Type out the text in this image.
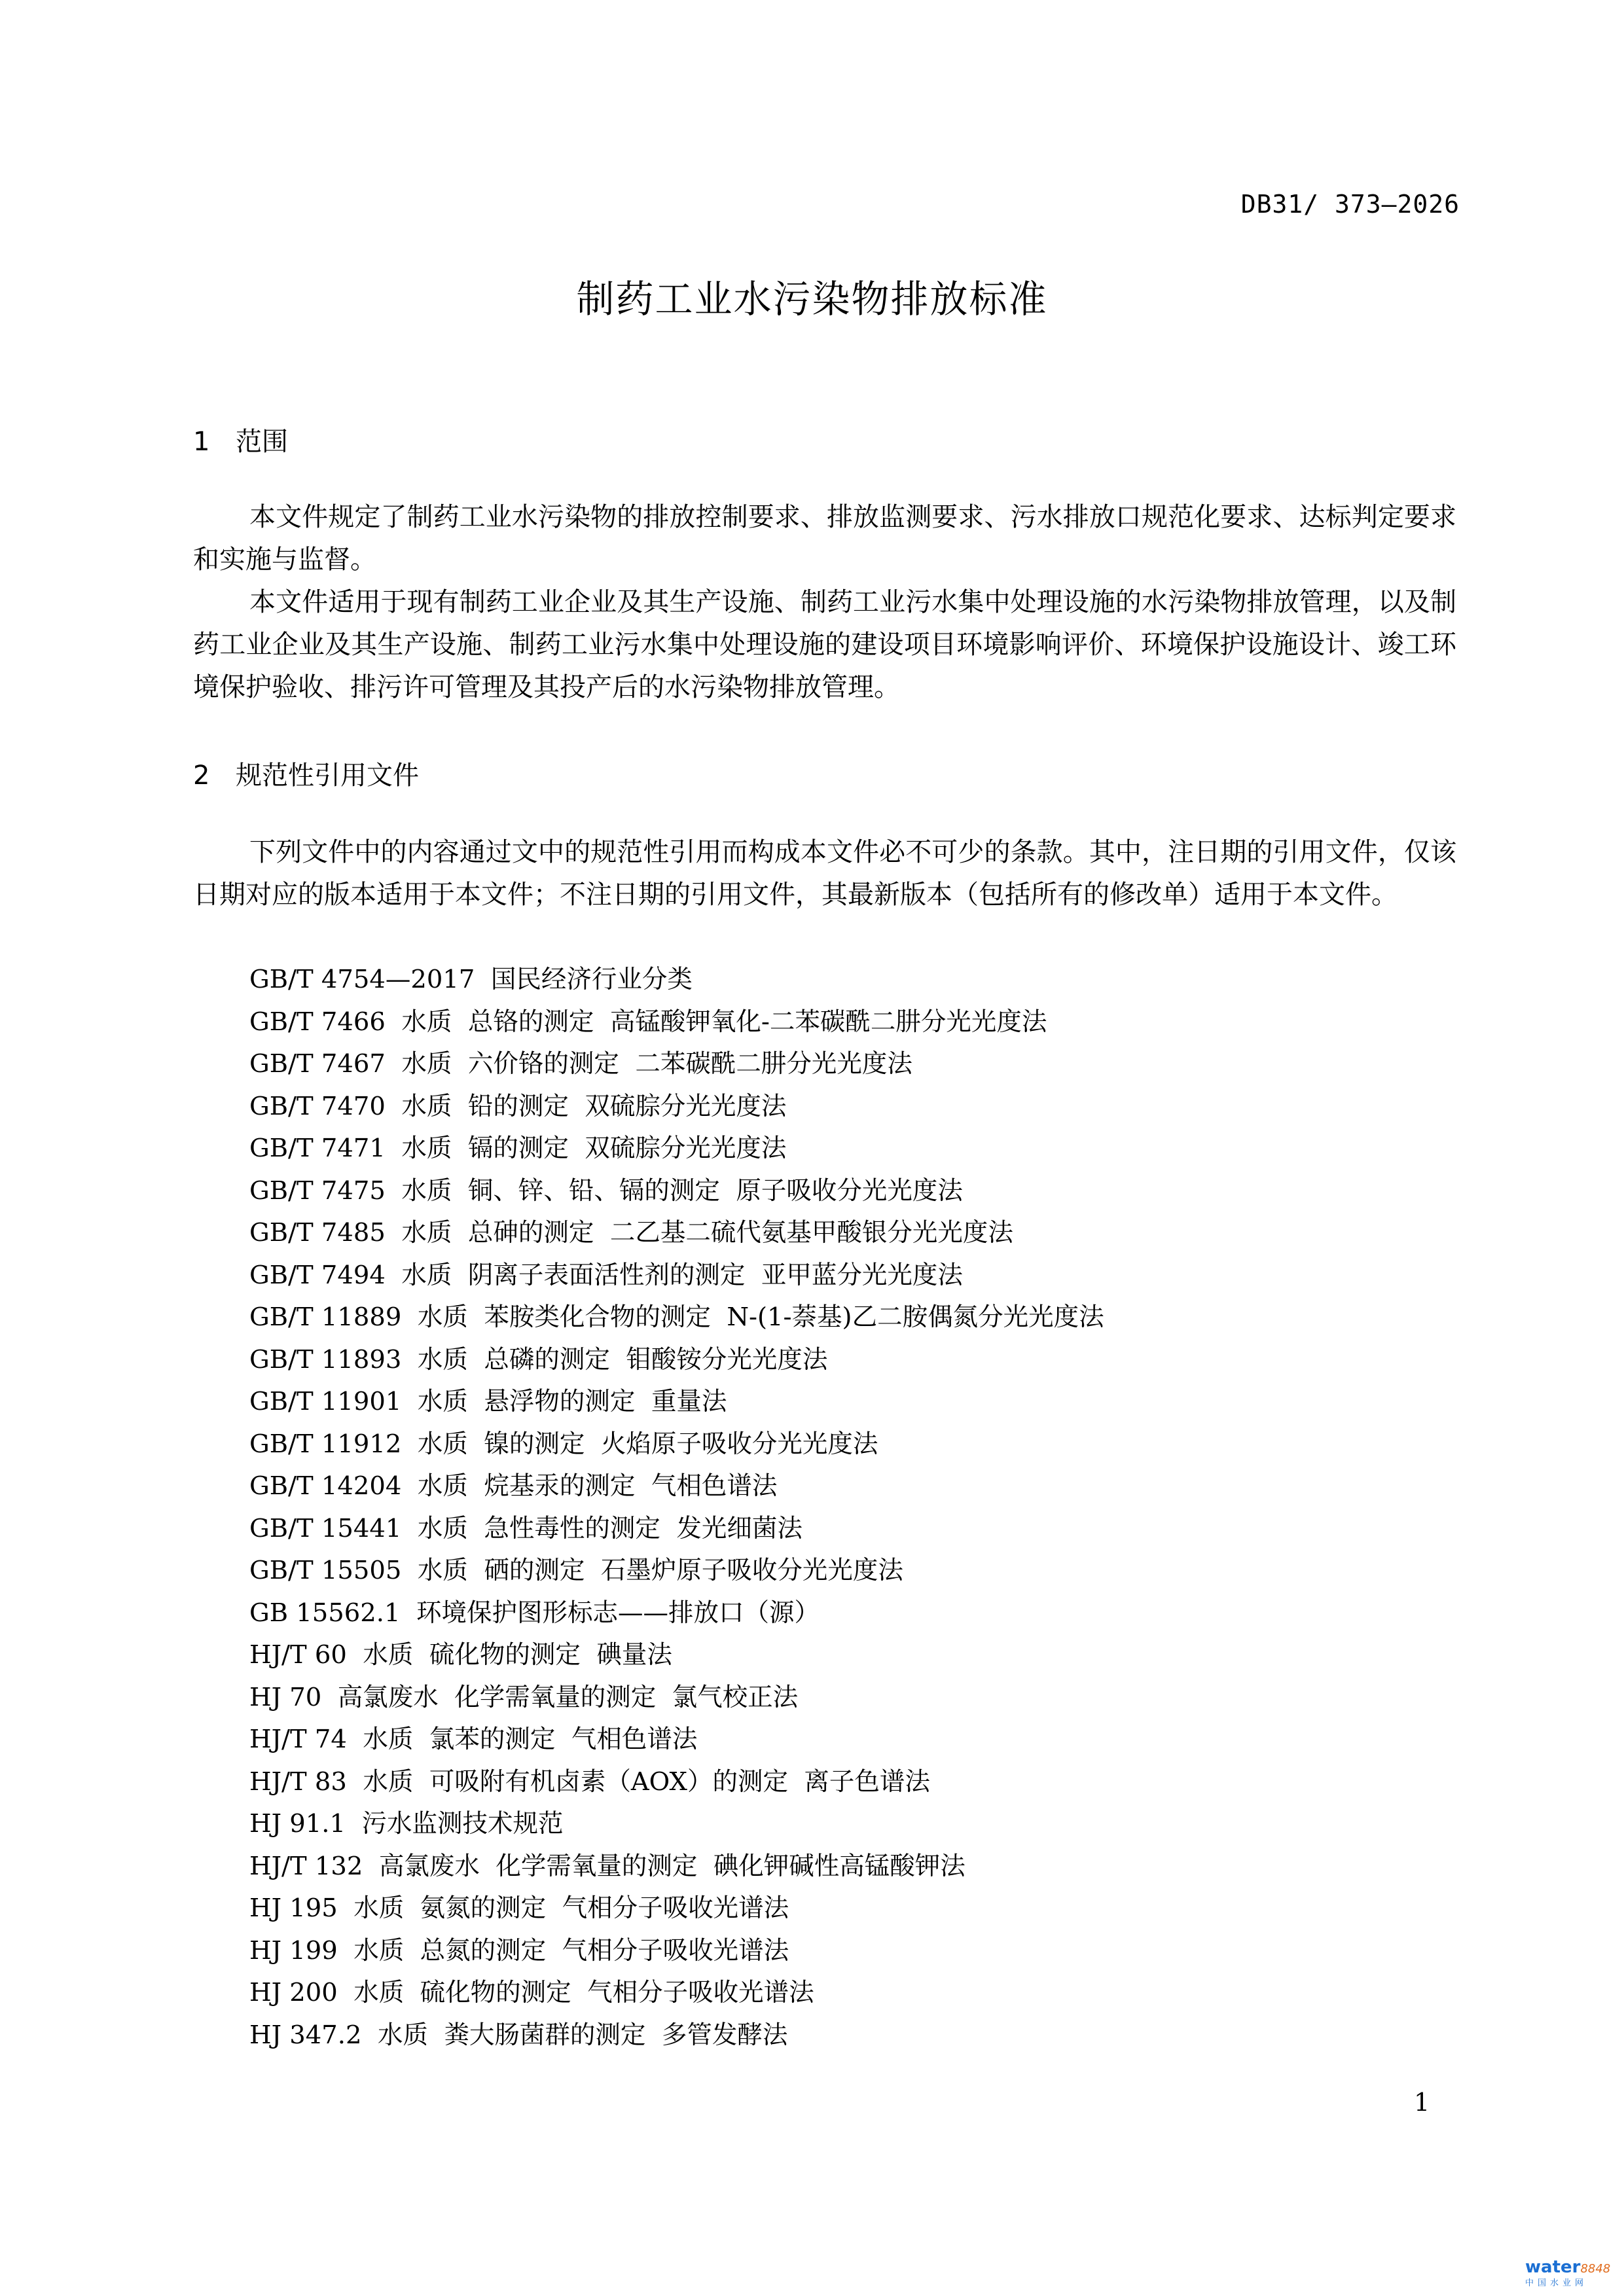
DB31/ 373—2026
制药工业水污染物排放标准
1 范围

本文件规定了制药工业水污染物的排放控制要求、排放监测要求、污水排放口规范化要求、达标判定要求和实施与监督。

本文件适用于现有制药工业企业及其生产设施、制药工业污水集中处理设施的水污染物排放管理，以及制药工业企业及其生产设施、制药工业污水集中处理设施的建设项目环境影响评价、环境保护设施设计、竣工环境保护验收、排污许可管理及其投产后的水污染物排放管理。

2 规范性引用文件

下列文件中的内容通过文中的规范性引用而构成本文件必不可少的条款。其中，注日期的引用文件，仅该日期对应的版本适用于本文件；不注日期的引用文件，其最新版本（包括所有的修改单）适用于本文件。

GB/T 4754—2017  国民经济行业分类
GB/T 7466  水质  总铬的测定  高锰酸钾氧化-二苯碳酰二肼分光光度法
GB/T 7467  水质  六价铬的测定  二苯碳酰二肼分光光度法
GB/T 7470  水质  铅的测定  双硫腙分光光度法
GB/T 7471  水质  镉的测定  双硫腙分光光度法
GB/T 7475  水质  铜、锌、铅、镉的测定  原子吸收分光光度法
GB/T 7485  水质  总砷的测定  二乙基二硫代氨基甲酸银分光光度法
GB/T 7494  水质  阴离子表面活性剂的测定  亚甲蓝分光光度法
GB/T 11889  水质  苯胺类化合物的测定  N-(1-萘基)乙二胺偶氮分光光度法
GB/T 11893  水质  总磷的测定  钼酸铵分光光度法
GB/T 11901  水质  悬浮物的测定  重量法
GB/T 11912  水质  镍的测定  火焰原子吸收分光光度法
GB/T 14204  水质  烷基汞的测定  气相色谱法
GB/T 15441  水质  急性毒性的测定  发光细菌法
GB/T 15505  水质  硒的测定  石墨炉原子吸收分光光度法
GB 15562.1  环境保护图形标志——排放口（源）
HJ/T 60  水质  硫化物的测定  碘量法
HJ 70  高氯废水  化学需氧量的测定  氯气校正法
HJ/T 74  水质  氯苯的测定  气相色谱法
HJ/T 83  水质  可吸附有机卤素（AOX）的测定  离子色谱法
HJ 91.1  污水监测技术规范
HJ/T 132  高氯废水  化学需氧量的测定  碘化钾碱性高锰酸钾法
HJ 195  水质  氨氮的测定  气相分子吸收光谱法
HJ 199  水质  总氮的测定  气相分子吸收光谱法
HJ 200  水质  硫化物的测定  气相分子吸收光谱法
HJ 347.2  水质  粪大肠菌群的测定  多管发酵法
1
water8848
中国水业网
